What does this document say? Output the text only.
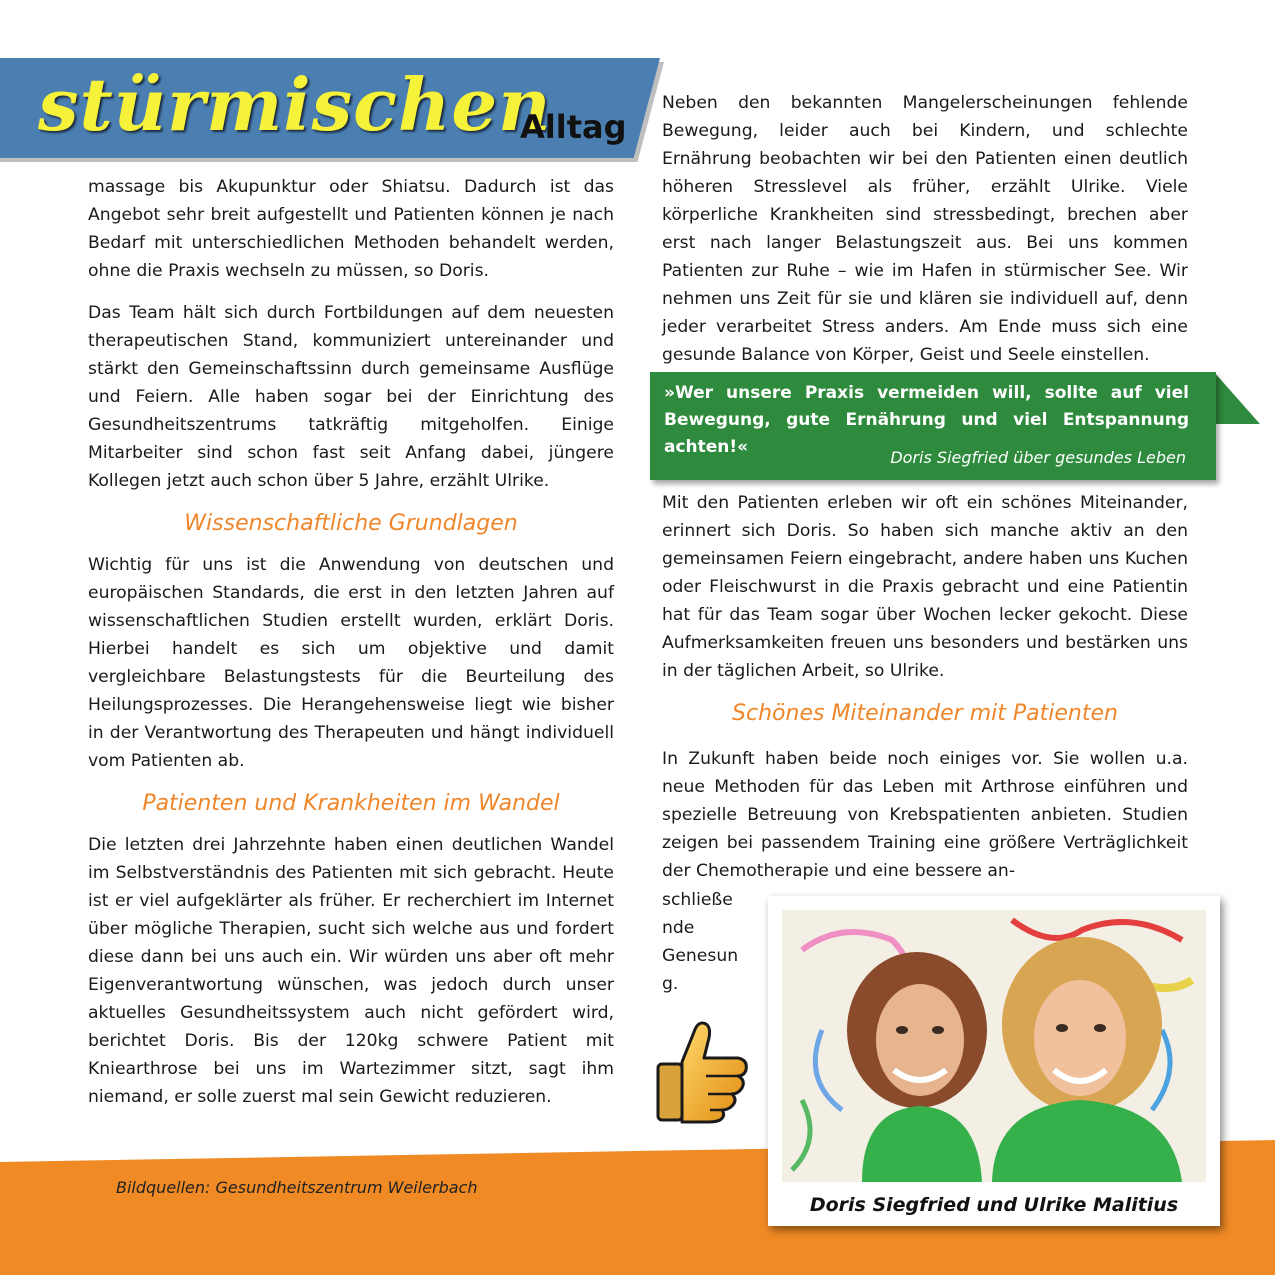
stürmischen
Alltag

massage bis Akupunktur oder Shiatsu. Dadurch ist das Angebot sehr breit aufgestellt und Patienten können je nach Bedarf mit unterschiedlichen Methoden behandelt werden, ohne die Praxis wechseln zu müssen, so Doris.

Das Team hält sich durch Fortbildungen auf dem neuesten therapeutischen Stand, kommuniziert untereinander und stärkt den Gemeinschaftssinn durch gemeinsame Ausflüge und Feiern. Alle haben sogar bei der Einrichtung des Gesundheitszentrums tatkräftig mitgeholfen. Einige Mitarbeiter sind schon fast seit Anfang dabei, jüngere Kollegen jetzt auch schon über 5 Jahre, erzählt Ulrike.

Wissenschaftliche Grundlagen

Wichtig für uns ist die Anwendung von deutschen und europäischen Standards, die erst in den letzten Jahren auf wissenschaftlichen Studien erstellt wurden, erklärt Doris. Hierbei handelt es sich um objektive und damit vergleichbare Belastungstests für die Beurteilung des Heilungsprozesses. Die Herangehensweise liegt wie bisher in der Verantwortung des Therapeuten und hängt individuell vom Patienten ab.

Patienten und Krankheiten im Wandel

Die letzten drei Jahrzehnte haben einen deutlichen Wandel im Selbstverständnis des Patienten mit sich gebracht. Heute ist er viel aufgeklärter als früher. Er recherchiert im Internet über mögliche Therapien, sucht sich welche aus und fordert diese dann bei uns auch ein. Wir würden uns aber oft mehr Eigenverantwortung wünschen, was jedoch durch unser aktuelles Gesundheitssystem auch nicht gefördert wird, berichtet Doris. Bis der 120kg schwere Patient mit Kniearthrose bei uns im Wartezimmer sitzt, sagt ihm niemand, er solle zuerst mal sein Gewicht reduzieren.

Neben den bekannten Mangelerscheinungen fehlende Bewegung, leider auch bei Kindern, und schlechte Ernährung beobachten wir bei den Patienten einen deutlich höheren Stresslevel als früher, erzählt Ulrike. Viele körperliche Krankheiten sind stressbedingt, brechen aber erst nach langer Belastungszeit aus. Bei uns kommen Patienten zur Ruhe – wie im Hafen in stürmischer See. Wir nehmen uns Zeit für sie und klären sie individuell auf, denn jeder verarbeitet Stress anders. Am Ende muss sich eine gesunde Balance von Körper, Geist und Seele einstellen.

»Wer unsere Praxis vermeiden will, sollte auf viel Bewegung, gute Ernährung und viel Entspannung achten!«
Doris Siegfried über gesundes Leben

Mit den Patienten erleben wir oft ein schönes Miteinander, erinnert sich Doris. So haben sich manche aktiv an den gemeinsamen Feiern eingebracht, andere haben uns Kuchen oder Fleischwurst in die Praxis gebracht und eine Patientin hat für das Team sogar über Wochen lecker gekocht. Diese Aufmerksamkeiten freuen uns besonders und bestärken uns in der täglichen Arbeit, so Ulrike.

Schönes Miteinander mit Patienten

In Zukunft haben beide noch einiges vor. Sie wollen u.a. neue Methoden für das Leben mit Arthrose einführen und spezielle Betreuung von Krebspatienten anbieten. Studien zeigen bei passendem Training eine größere Verträglichkeit der Chemotherapie und eine bessere an-

schließende Genesung.
Bildquellen: Gesundheitszentrum Weilerbach
Doris Siegfried und Ulrike Malitius
